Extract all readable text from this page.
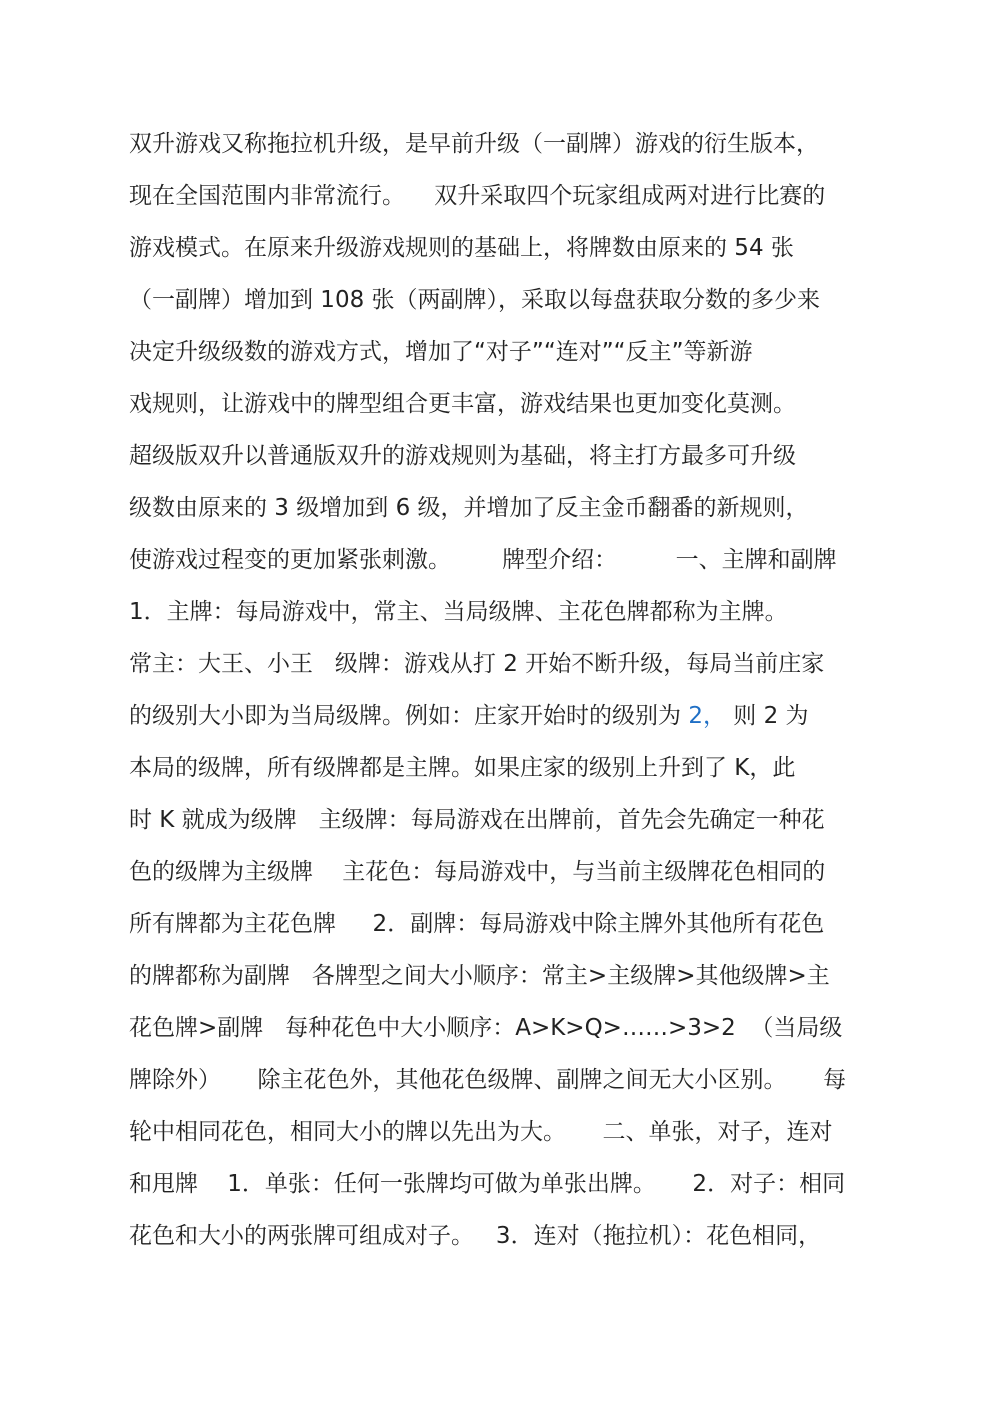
双升游戏又称拖拉机升级，是早前升级（一副牌）游戏的衍生版本，
现在全国范围内非常流行。    双升采取四个玩家组成两对进行比赛的
游戏模式。在原来升级游戏规则的基础上，将牌数由原来的 54 张
（一副牌）增加到 108 张（两副牌），采取以每盘获取分数的多少来
决定升级级数的游戏方式，增加了“对子”“连对”“反主”等新游
戏规则，让游戏中的牌型组合更丰富，游戏结果也更加变化莫测。
超级版双升以普通版双升的游戏规则为基础，将主打方最多可升级
级数由原来的 3 级增加到 6 级，并增加了反主金币翻番的新规则，
使游戏过程变的更加紧张刺激。       牌型介绍：        一、主牌和副牌
1．主牌：每局游戏中，常主、当局级牌、主花色牌都称为主牌。
常主：大王、小王   级牌：游戏从打 2 开始不断升级，每局当前庄家
的级别大小即为当局级牌。例如：庄家开始时的级别为 2， 则 2 为
本局的级牌，所有级牌都是主牌。如果庄家的级别上升到了 K，此
时 K 就成为级牌   主级牌：每局游戏在出牌前，首先会先确定一种花
色的级牌为主级牌    主花色：每局游戏中，与当前主级牌花色相同的
所有牌都为主花色牌     2．副牌：每局游戏中除主牌外其他所有花色
的牌都称为副牌   各牌型之间大小顺序：常主>主级牌>其他级牌>主
花色牌>副牌   每种花色中大小顺序：A>K>Q>……>3>2  （当局级
牌除外）     除主花色外，其他花色级牌、副牌之间无大小区别。     每
轮中相同花色，相同大小的牌以先出为大。     二、单张，对子，连对
和甩牌    1．单张：任何一张牌均可做为单张出牌。     2．对子：相同
花色和大小的两张牌可组成对子。   3．连对（拖拉机）：花色相同，
